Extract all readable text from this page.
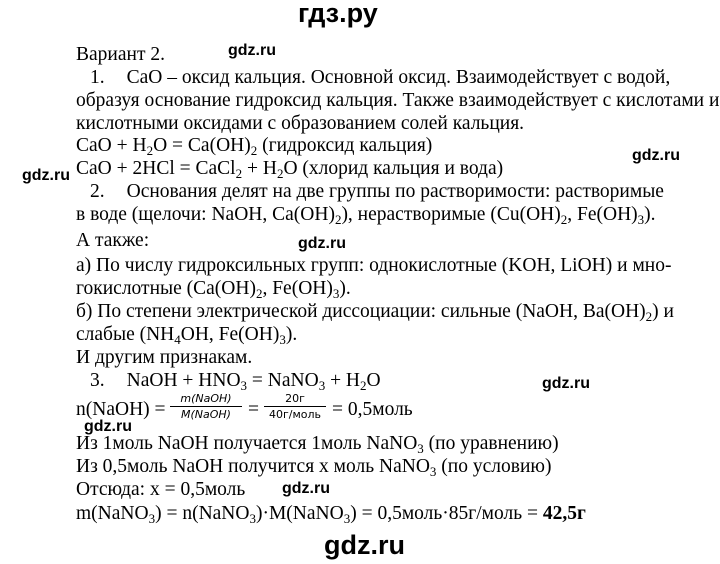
гдз.ру
gdz.ru
gdz.ru
gdz.ru
gdz.ru
gdz.ru
gdz.ru
gdz.ru
gdz.ru
Вариант 2.
1. CaO – оксид кальция. Основной оксид. Взаимодействует с водой,
образуя основание гидроксид кальция. Также взаимодействует с кислотами и
кислотными оксидами с образованием солей кальция.
CaO + $H_2O = Ca(OH)_2$ (гидроксид кальция)
CaO + 2HCl = CaCl$_2$ + $H_2O$ (хлорид кальция и вода)
2. Основания делят на две группы по растворимости: растворимые
в воде (щелочи: NaOH, $Ca(OH)_2$), нерастворимые ($Cu(OH)_2$, $Fe(OH)_3$).
А также:
а) По числу гидроксильных групп: однокислотные (KOH, LiOH) и мно-
гокислотные ($Ca(OH)_2$, $Fe(OH)_3$).
б) По степени электрической диссоциации: сильные (NaOH, $Ba(OH)_2$) и
слабые ($NH_4OH$, $Fe(OH)_3$).
И другим признакам.
3. NaOH + $HNO_3$ = NaNO$_3$ + $H_2O$
n(NaOH) =
m(NaOH)
M(NaOH) =
20г
40г/моль = 0,5моль
Из 1моль NaOH получается 1моль NaNO$_3$ (по уравнению)
Из 0,5моль NaOH получится x моль NaNO$_3$ (по условию)
Отсюда: x = 0,5моль
m(NaNO$_3$) = n(NaNO$_3$)·M(NaNO$_3$) = 0,5моль·85г/моль = 42,5г
